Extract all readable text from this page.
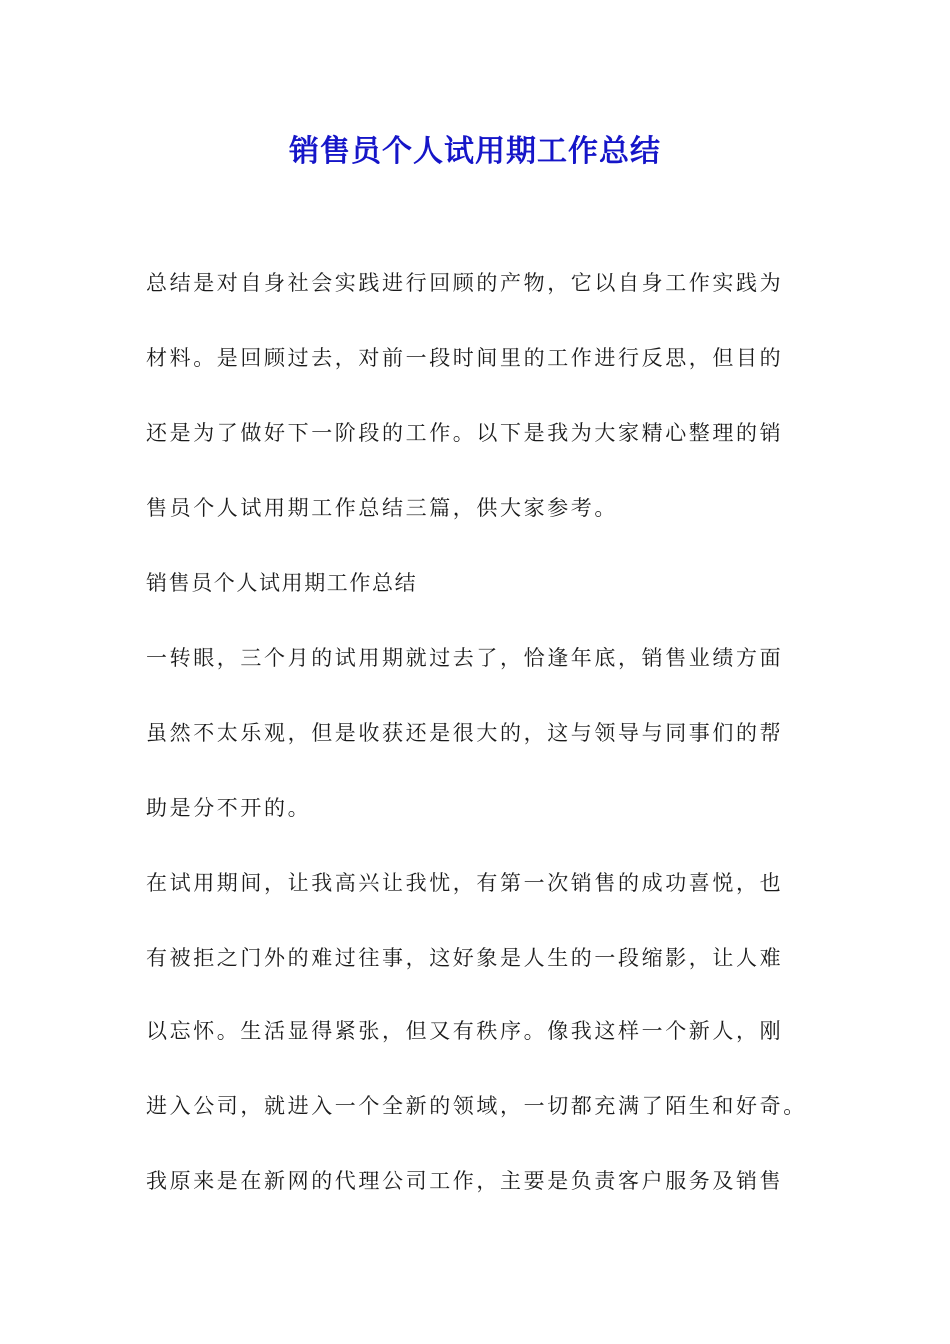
销售员个人试用期工作总结

总结是对自身社会实践进行回顾的产物，它以自身工作实践为

材料。是回顾过去，对前一段时间里的工作进行反思，但目的

还是为了做好下一阶段的工作。以下是我为大家精心整理的销

售员个人试用期工作总结三篇，供大家参考。

销售员个人试用期工作总结

一转眼，三个月的试用期就过去了，恰逢年底，销售业绩方面

虽然不太乐观，但是收获还是很大的，这与领导与同事们的帮

助是分不开的。

在试用期间，让我高兴让我忧，有第一次销售的成功喜悦，也

有被拒之门外的难过往事，这好象是人生的一段缩影，让人难

以忘怀。生活显得紧张，但又有秩序。像我这样一个新人，刚

进入公司，就进入一个全新的领域，一切都充满了陌生和好奇。

我原来是在新网的代理公司工作，主要是负责客户服务及销售
